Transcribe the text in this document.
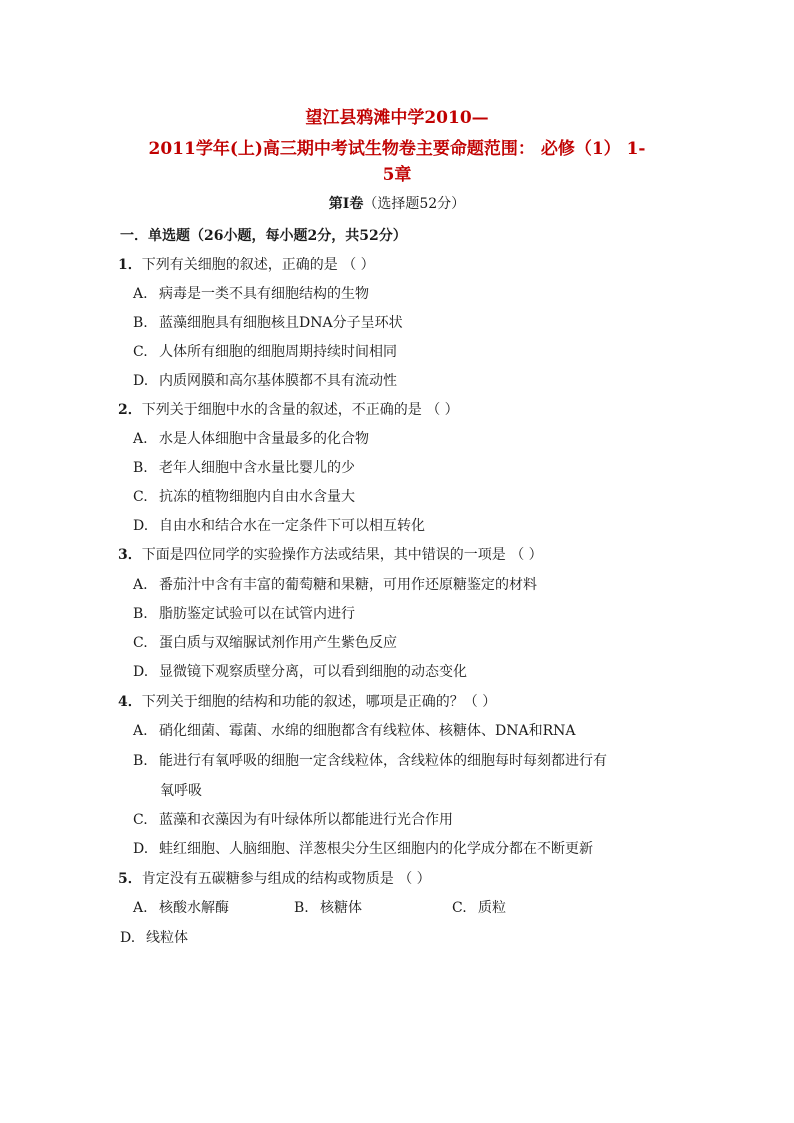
望江县鸦滩中学2010—
2011学年(上)高三期中考试生物卷主要命题范围： 必修（1） 1-
5章
第Ⅰ卷（选择题52分）
一．单选题（26小题，每小题2分，共52分）
1．下列有关细胞的叙述，正确的是 （ ）
A. 病毒是一类不具有细胞结构的生物
B. 蓝藻细胞具有细胞核且DNA分子呈环状
C. 人体所有细胞的细胞周期持续时间相同
D. 内质网膜和高尔基体膜都不具有流动性
2．下列关于细胞中水的含量的叙述，不正确的是 （ ）
A. 水是人体细胞中含量最多的化合物
B. 老年人细胞中含水量比婴儿的少
C. 抗冻的植物细胞内自由水含量大
D. 自由水和结合水在一定条件下可以相互转化
3．下面是四位同学的实验操作方法或结果，其中错误的一项是 （ ）
A. 番茄汁中含有丰富的葡萄糖和果糖，可用作还原糖鉴定的材料
B. 脂肪鉴定试验可以在试管内进行
C. 蛋白质与双缩脲试剂作用产生紫色反应
D. 显微镜下观察质壁分离，可以看到细胞的动态变化
4．下列关于细胞的结构和功能的叙述，哪项是正确的？（ ）
A. 硝化细菌、霉菌、水绵的细胞都含有线粒体、核糖体、DNA和RNA
B. 能进行有氧呼吸的细胞一定含线粒体，含线粒体的细胞每时每刻都进行有
氧呼吸
C. 蓝藻和衣藻因为有叶绿体所以都能进行光合作用
D. 蛙红细胞、人脑细胞、洋葱根尖分生区细胞内的化学成分都在不断更新
5．肯定没有五碳糖参与组成的结构或物质是 （ ）
A. 核酸水解酶	B. 核糖体	C. 质粒
D. 线粒体
